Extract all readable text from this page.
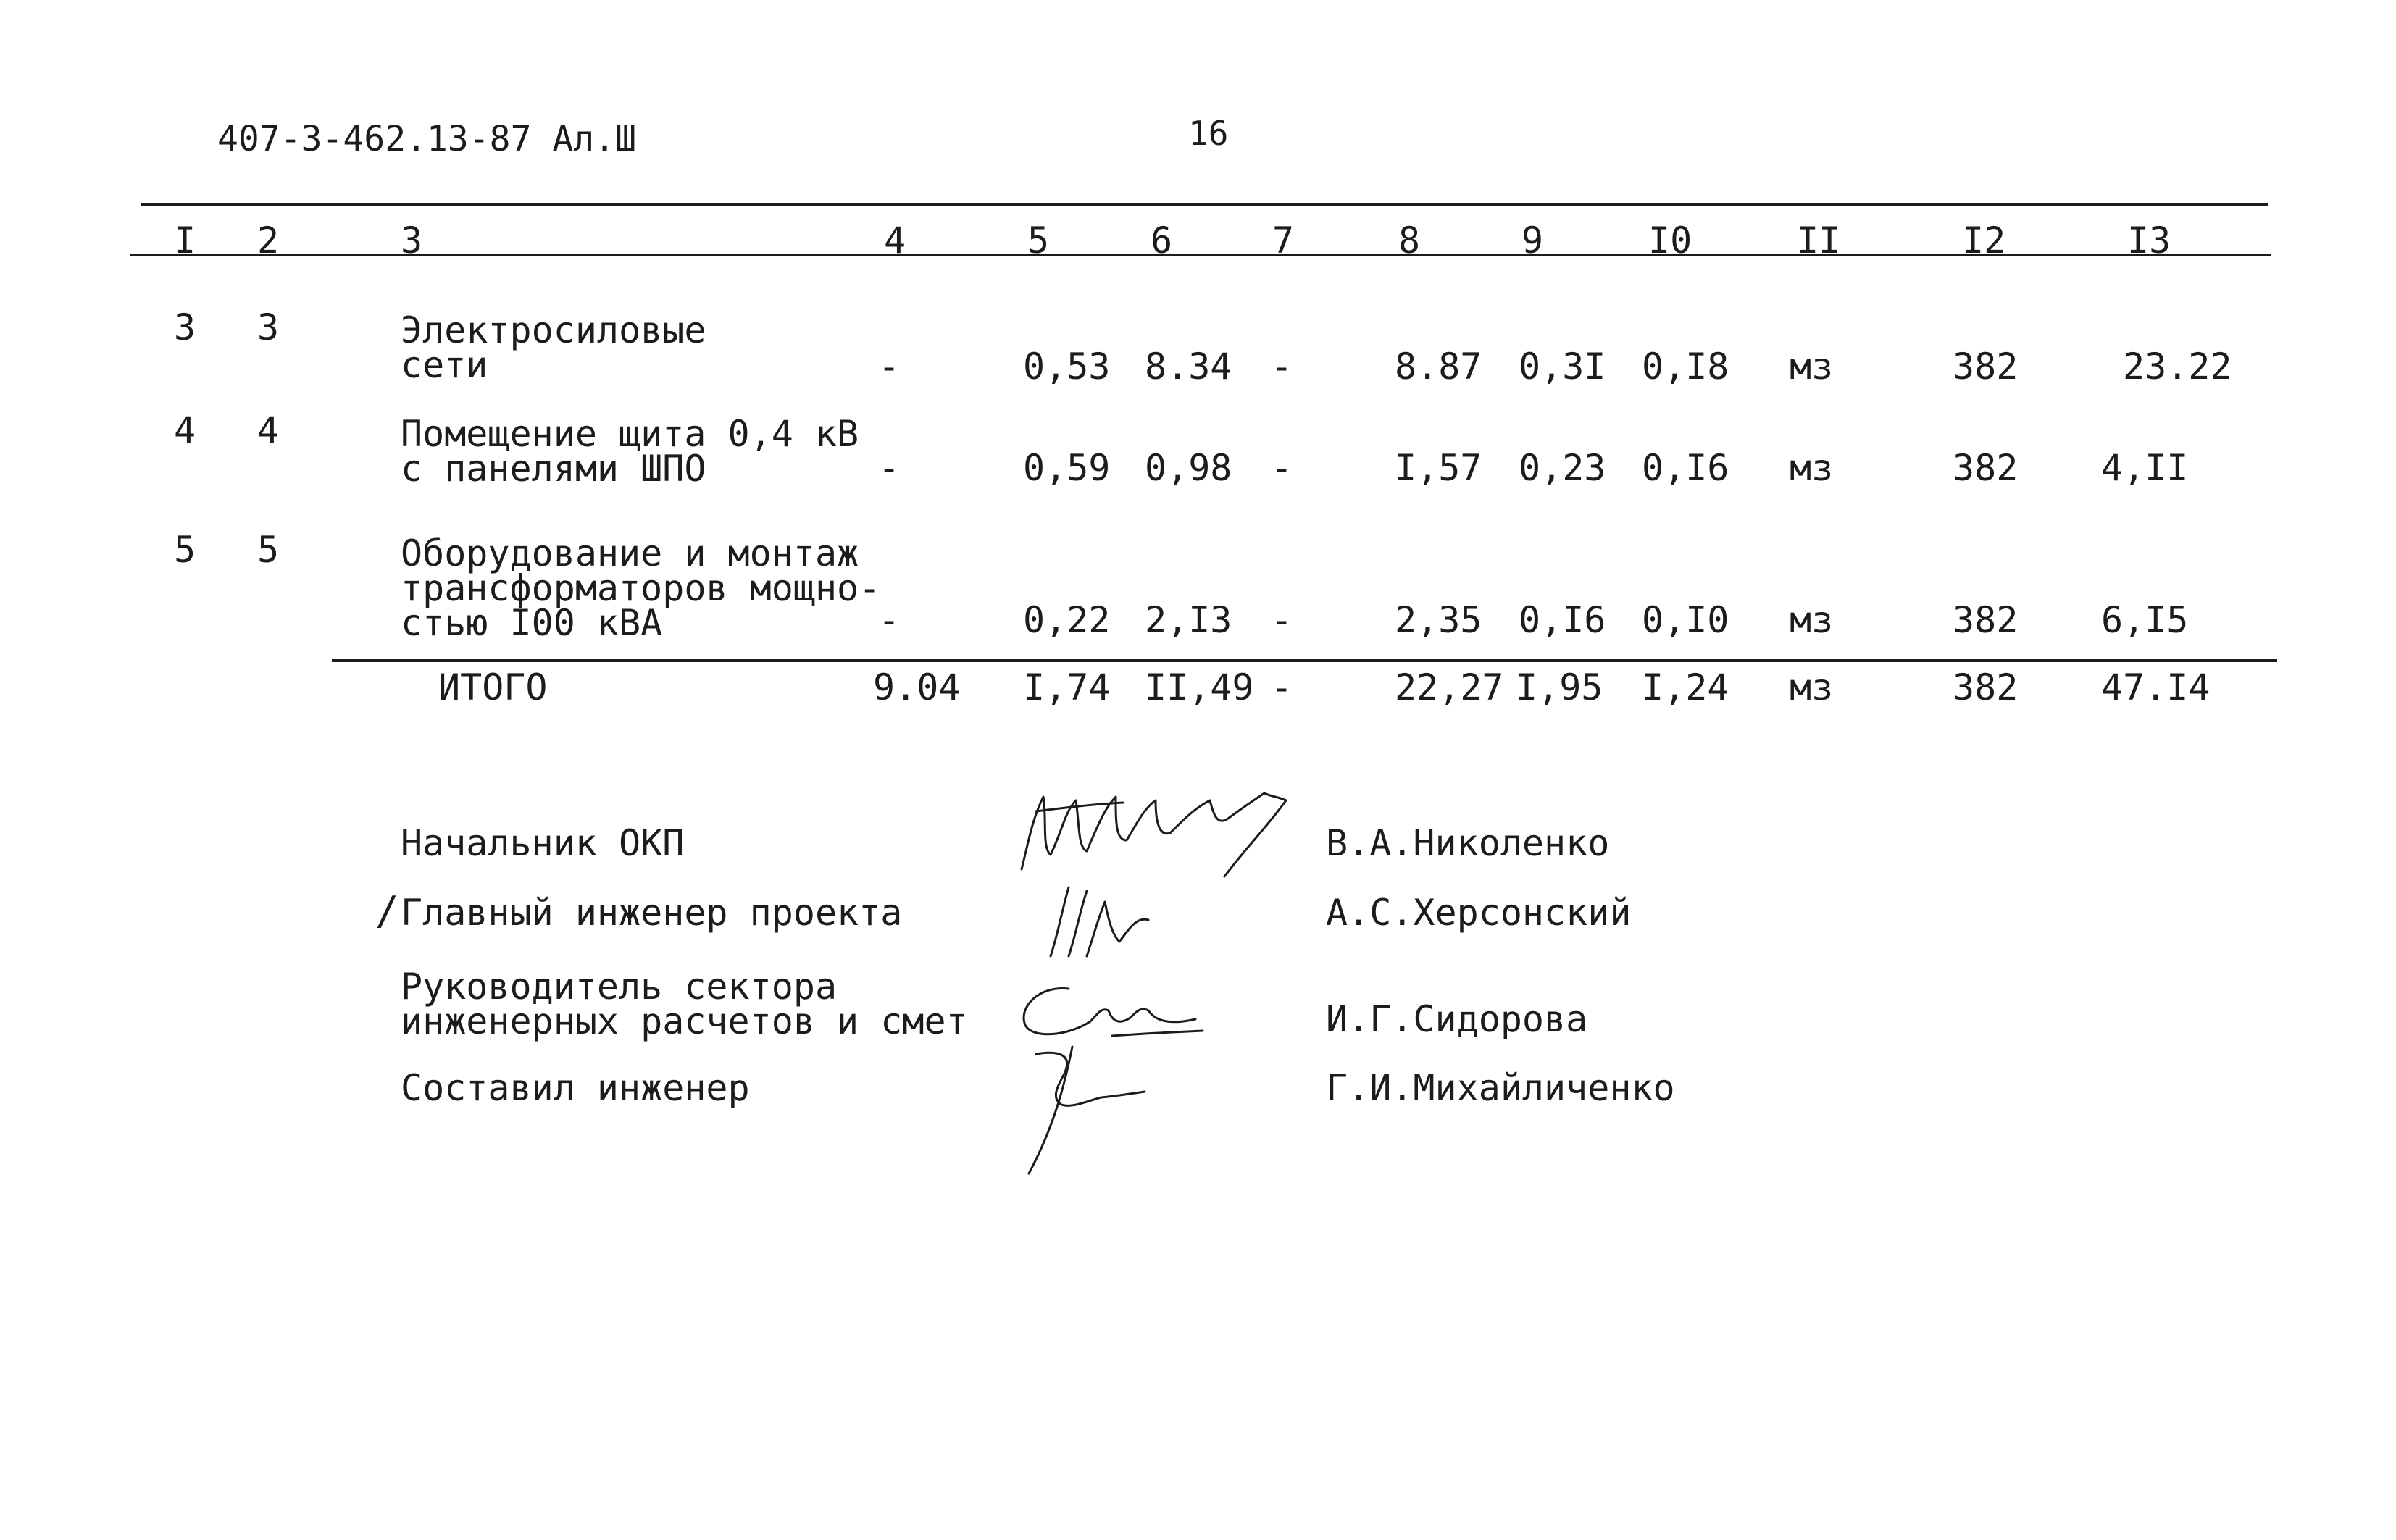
407-3-462.13-87 Ал.Ш	16
I 2	3	4	5	6	7	8	9	I0	II	I2	I3
3 3	Электросиловые
сети	-	0,53 8.34 -	8.87 0,3I 0,I8 мз	382	23.22
4 4	Помещение щита 0,4 кВ
с панелями ШПО	-	0,59 0,98 -	I,57 0,23 0,I6 мз	382 4,II
5 5	Оборудование и монтаж
трансформаторов мощно-
стью I00 кВА	-	0,22 2,I3 -	2,35 0,I6 0,I0 мз	382 6,I5
ИТОГО	9.04 I,74 II,49 -	22,27 I,95 I,24 мз	382 47.I4
Начальник ОКП	В.А.Николенко
/ Главный инженер проекта	А.С.Херсонский
Руководитель сектора
инженерных расчетов и смет	И.Г.Сидорова
Составил инженер	Г.И.Михайличенко
